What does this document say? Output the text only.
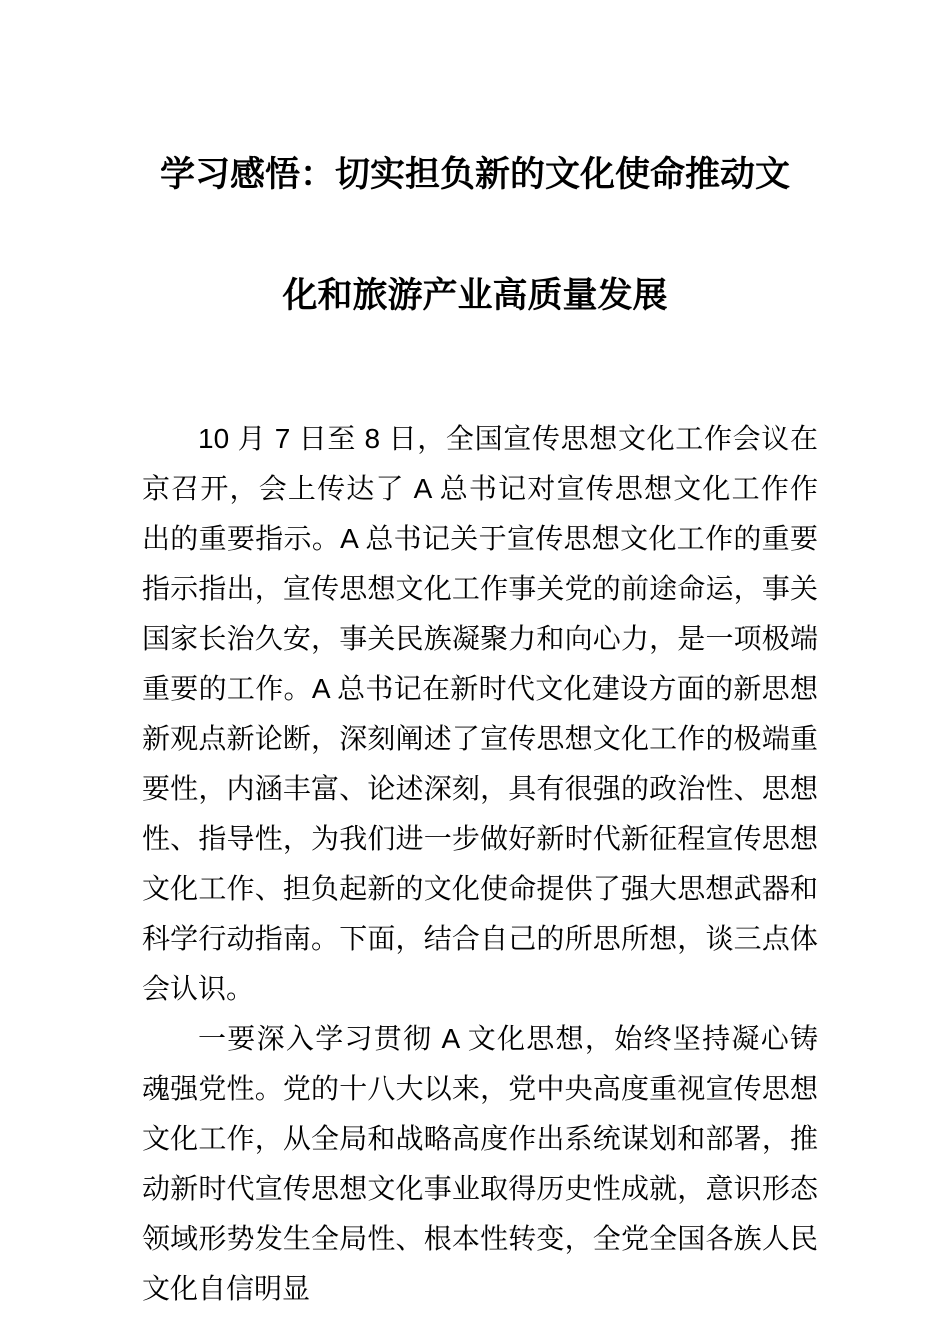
学习感悟：切实担负新的文化使命推动文
化和旅游产业高质量发展

10 月 7 日至 8 日，全国宣传思想文化工作会议在京召开，会上传达了 A 总书记对宣传思想文化工作作出的重要指示。A 总书记关于宣传思想文化工作的重要指示指出，宣传思想文化工作事关党的前途命运，事关国家长治久安，事关民族凝聚力和向心力，是一项极端重要的工作。A 总书记在新时代文化建设方面的新思想新观点新论断，深刻阐述了宣传思想文化工作的极端重要性，内涵丰富、论述深刻，具有很强的政治性、思想性、指导性，为我们进一步做好新时代新征程宣传思想文化工作、担负起新的文化使命提供了强大思想武器和科学行动指南。下面，结合自己的所思所想，谈三点体会认识。

一要深入学习贯彻 A 文化思想，始终坚持凝心铸魂强党性。党的十八大以来，党中央高度重视宣传思想文化工作，从全局和战略高度作出系统谋划和部署，推动新时代宣传思想文化事业取得历史性成就，意识形态领域形势发生全局性、根本性转变，全党全国各族人民文化自信明显
